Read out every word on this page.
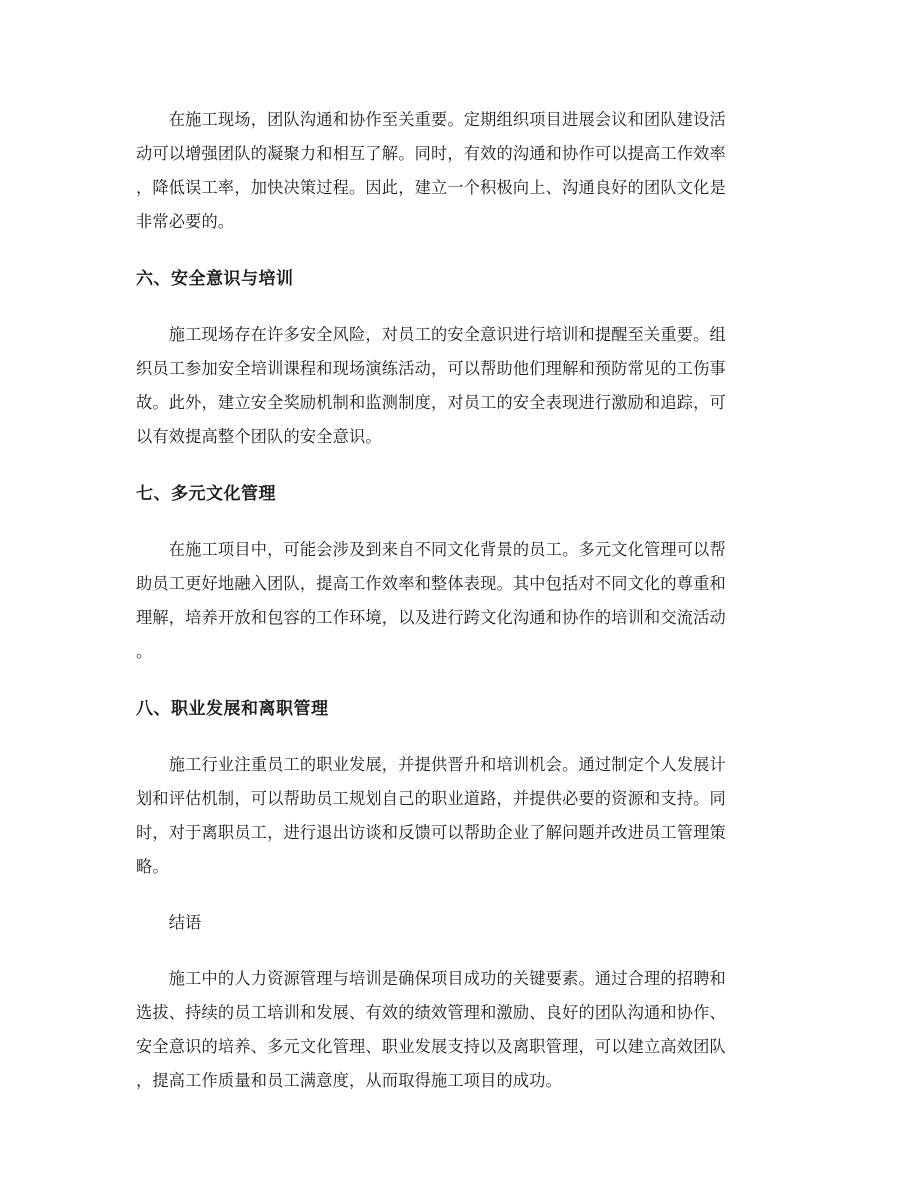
　　在施工现场，团队沟通和协作至关重要。定期组织项目进展会议和团队建设活
动可以增强团队的凝聚力和相互了解。同时，有效的沟通和协作可以提高工作效率
，降低误工率，加快决策过程。因此，建立一个积极向上、沟通良好的团队文化是
非常必要的。

六、安全意识与培训

　　施工现场存在许多安全风险，对员工的安全意识进行培训和提醒至关重要。组
织员工参加安全培训课程和现场演练活动，可以帮助他们理解和预防常见的工伤事
故。此外，建立安全奖励机制和监测制度，对员工的安全表现进行激励和追踪，可
以有效提高整个团队的安全意识。

七、多元文化管理

　　在施工项目中，可能会涉及到来自不同文化背景的员工。多元文化管理可以帮
助员工更好地融入团队，提高工作效率和整体表现。其中包括对不同文化的尊重和
理解，培养开放和包容的工作环境，以及进行跨文化沟通和协作的培训和交流活动
。

八、职业发展和离职管理

　　施工行业注重员工的职业发展，并提供晋升和培训机会。通过制定个人发展计
划和评估机制，可以帮助员工规划自己的职业道路，并提供必要的资源和支持。同
时，对于离职员工，进行退出访谈和反馈可以帮助企业了解问题并改进员工管理策
略。

　　结语

　　施工中的人力资源管理与培训是确保项目成功的关键要素。通过合理的招聘和
选拔、持续的员工培训和发展、有效的绩效管理和激励、良好的团队沟通和协作、
安全意识的培养、多元文化管理、职业发展支持以及离职管理，可以建立高效团队
，提高工作质量和员工满意度，从而取得施工项目的成功。
